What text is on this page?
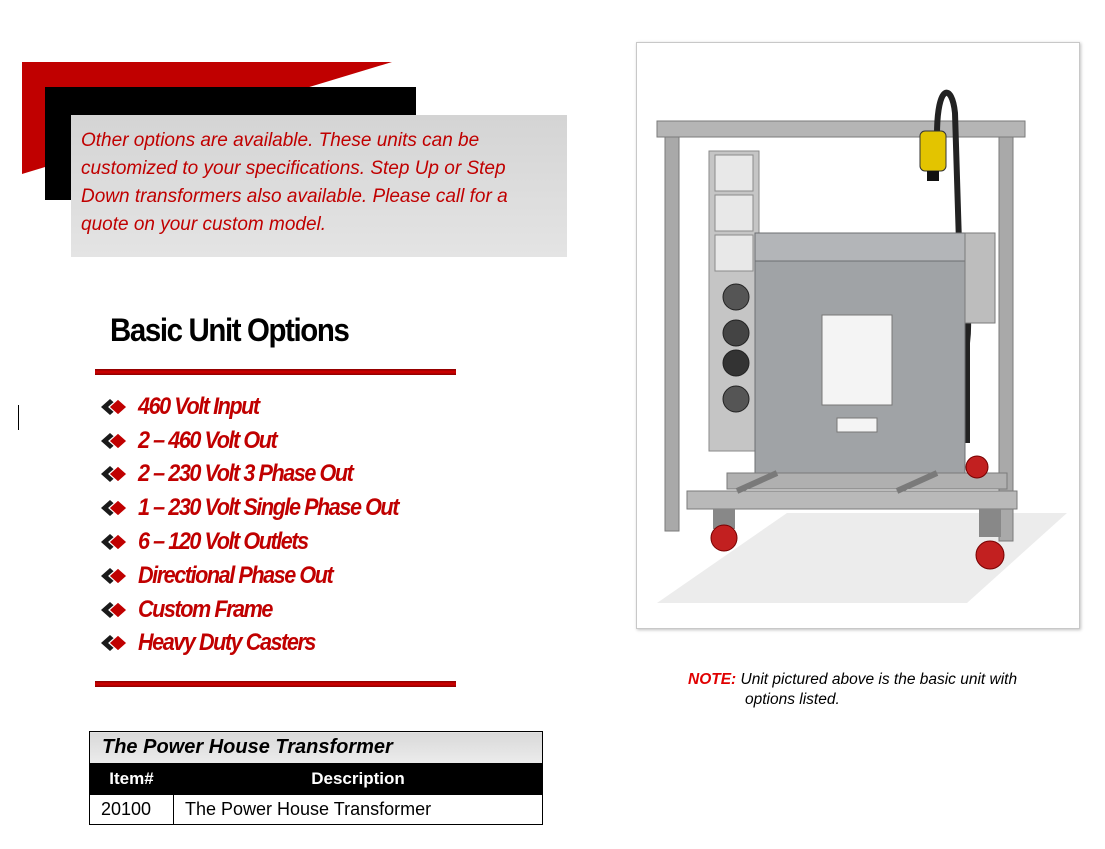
Other options are available. These units can be customized to your specifications. Step Up or Step Down transformers also available. Please call for a quote on your custom model.

Basic Unit Options
460 Volt Input
2 – 460 Volt Out
2 – 230 Volt 3 Phase Out
1 – 230 Volt Single Phase Out
6 – 120 Volt Outlets
Directional Phase Out
Custom Frame
Heavy Duty Casters
NOTE: Unit pictured above is the basic unit with
options listed.
The Power House Transformer	
Item#	Description
20100	The Power House Transformer
